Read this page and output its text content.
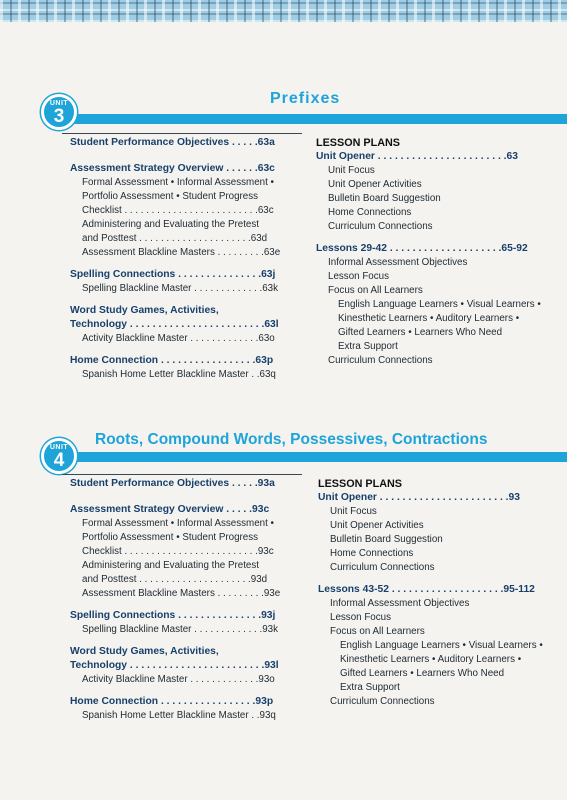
UNIT
3
Prefixes
Student Performance Objectives . . . . .63a
Assessment Strategy Overview . . . . . .63c
Formal Assessment • Informal Assessment •
Portfolio Assessment • Student Progress
Checklist . . . . . . . . . . . . . . . . . . . . . . . . .63c
Administering and Evaluating the Pretest
and Posttest . . . . . . . . . . . . . . . . . . . . .63d
Assessment Blackline Masters . . . . . . . . .63e
Spelling Connections . . . . . . . . . . . . . . .63j
Spelling Blackline Master . . . . . . . . . . . . .63k
Word Study Games, Activities,
Technology . . . . . . . . . . . . . . . . . . . . . . . .63l
Activity Blackline Master . . . . . . . . . . . . .63o
Home Connection . . . . . . . . . . . . . . . . .63p
Spanish Home Letter Blackline Master . .63q
LESSON PLANS
Unit Opener . . . . . . . . . . . . . . . . . . . . . . .63
Unit Focus
Unit Opener Activities
Bulletin Board Suggestion
Home Connections
Curriculum Connections
Lessons 29-42 . . . . . . . . . . . . . . . . . . . .65-92
Informal Assessment Objectives
Lesson Focus
Focus on All Learners
English Language Learners • Visual Learners •
Kinesthetic Learners • Auditory Learners •
Gifted Learners • Learners Who Need
Extra Support
Curriculum Connections
UNIT
4
Roots, Compound Words, Possessives, Contractions
Student Performance Objectives . . . . .93a
Assessment Strategy Overview . . . . .93c
Formal Assessment • Informal Assessment •
Portfolio Assessment • Student Progress
Checklist . . . . . . . . . . . . . . . . . . . . . . . . .93c
Administering and Evaluating the Pretest
and Posttest . . . . . . . . . . . . . . . . . . . . .93d
Assessment Blackline Masters . . . . . . . . .93e
Spelling Connections . . . . . . . . . . . . . . .93j
Spelling Blackline Master . . . . . . . . . . . . .93k
Word Study Games, Activities,
Technology . . . . . . . . . . . . . . . . . . . . . . . .93l
Activity Blackline Master . . . . . . . . . . . . .93o
Home Connection . . . . . . . . . . . . . . . . .93p
Spanish Home Letter Blackline Master . .93q
LESSON PLANS
Unit Opener . . . . . . . . . . . . . . . . . . . . . . .93
Unit Focus
Unit Opener Activities
Bulletin Board Suggestion
Home Connections
Curriculum Connections
Lessons 43-52 . . . . . . . . . . . . . . . . . . . .95-112
Informal Assessment Objectives
Lesson Focus
Focus on All Learners
English Language Learners • Visual Learners •
Kinesthetic Learners • Auditory Learners •
Gifted Learners • Learners Who Need
Extra Support
Curriculum Connections
